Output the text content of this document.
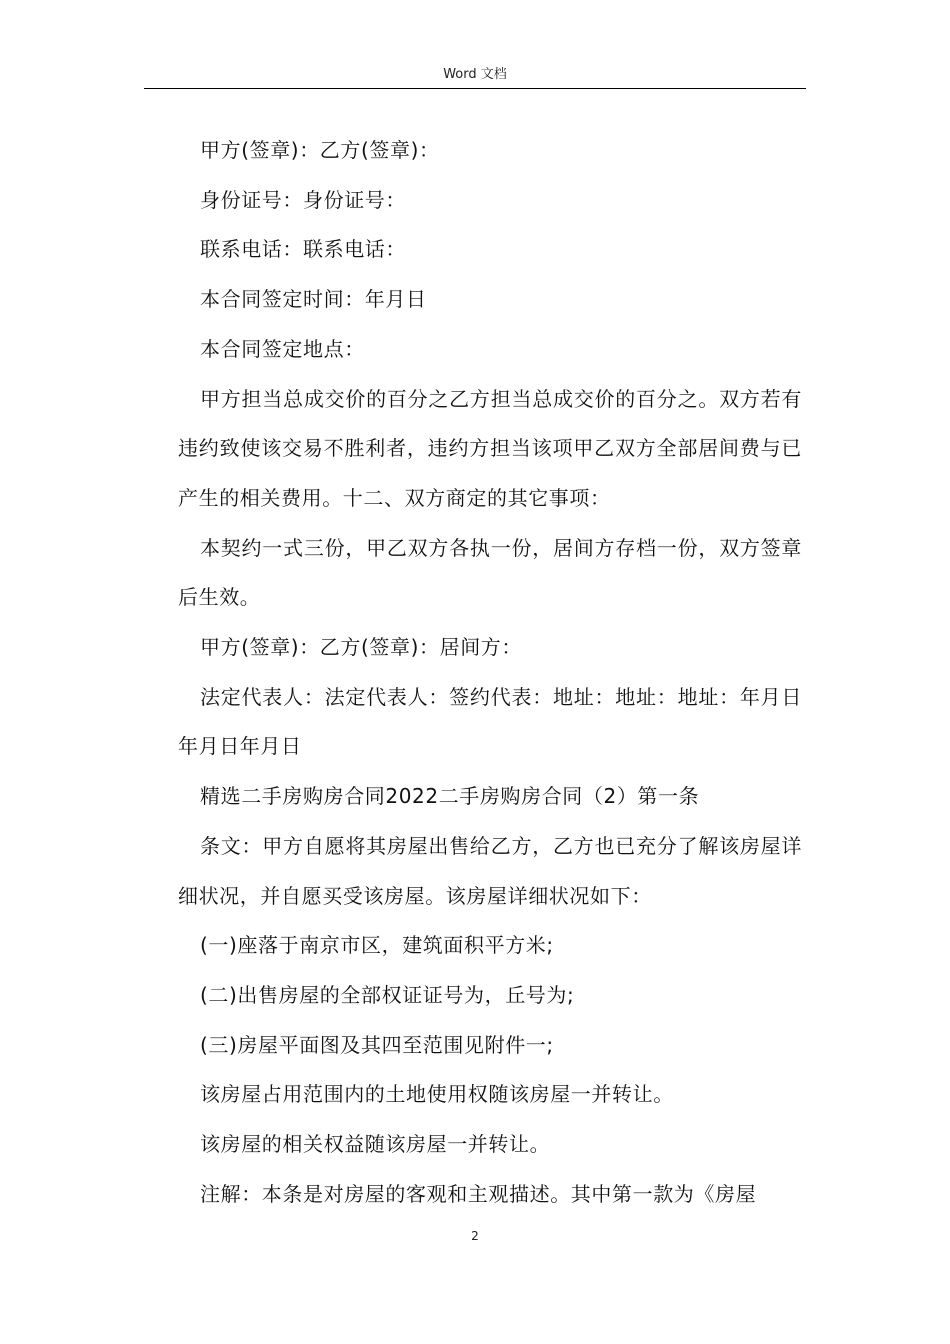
Word 文档

甲方(签章)：乙方(签章)：

身份证号：身份证号：

联系电话：联系电话：

本合同签定时间：年月日

本合同签定地点：

甲方担当总成交价的百分之乙方担当总成交价的百分之。双方若有违约致使该交易不胜利者，违约方担当该项甲乙双方全部居间费与已产生的相关费用。十二、双方商定的其它事项：

本契约一式三份，甲乙双方各执一份，居间方存档一份，双方签章后生效。

甲方(签章)：乙方(签章)：居间方：

法定代表人：法定代表人：签约代表：地址：地址：地址：年月日年月日年月日

精选二手房购房合同2022二手房购房合同（2）第一条

条文：甲方自愿将其房屋出售给乙方，乙方也已充分了解该房屋详细状况，并自愿买受该房屋。该房屋详细状况如下：

(一)座落于南京市区，建筑面积平方米;

(二)出售房屋的全部权证证号为，丘号为;

(三)房屋平面图及其四至范围见附件一;

该房屋占用范围内的土地使用权随该房屋一并转让。

该房屋的相关权益随该房屋一并转让。

注解：本条是对房屋的客观和主观描述。其中第一款为《房屋

2
